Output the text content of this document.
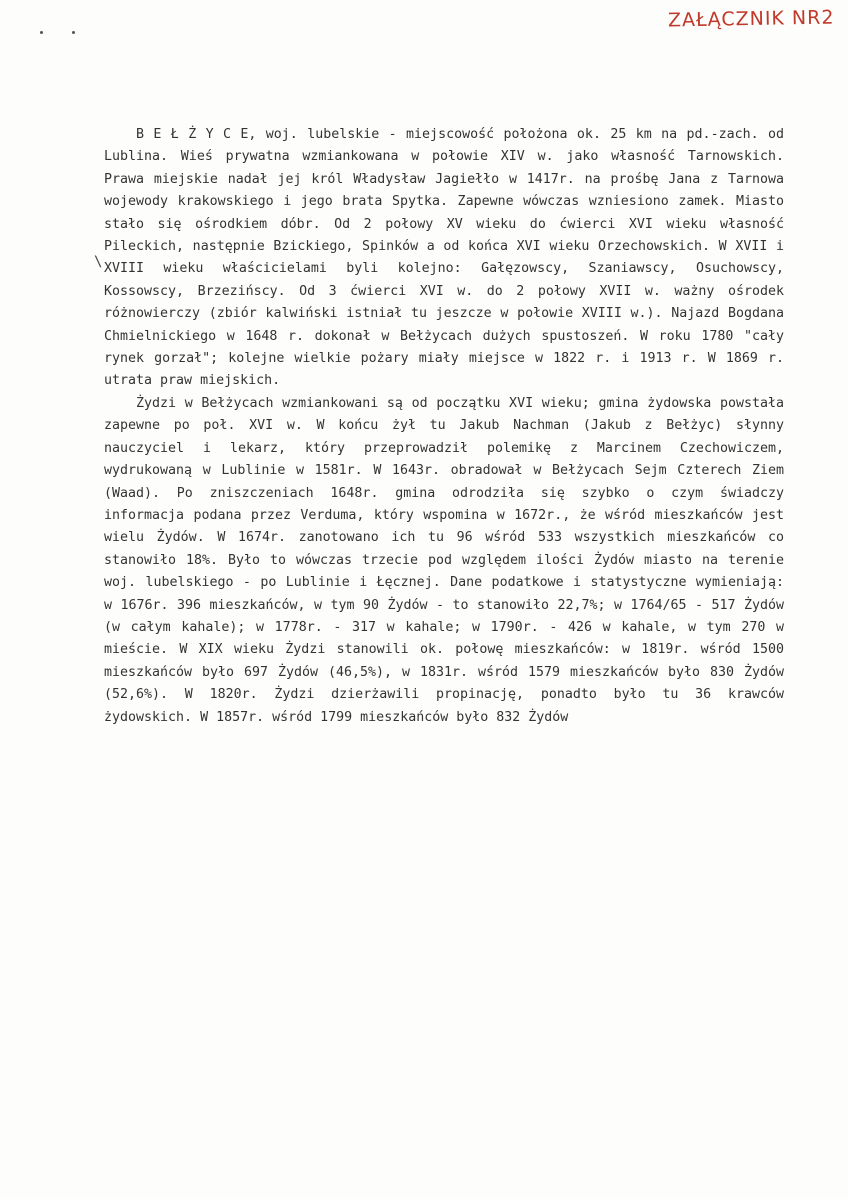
ZAŁĄCZNIK NR2
\

B E Ł Ż Y C E, woj. lubelskie - miejscowość położona ok. 25 km na pd.-zach. od Lublina. Wieś prywatna wzmiankowana w połowie XIV w. jako własność Tarnowskich. Prawa miejskie nadał jej król Władysław Jagiełło w 1417r. na prośbę Jana z Tarnowa wojewody krakowskiego i jego brata Spytka. Zapewne wówczas wzniesiono zamek. Miasto stało się ośrodkiem dóbr. Od 2 połowy XV wieku do ćwierci XVI wieku własność Pileckich, następnie Bzickiego, Spinków a od końca XVI wieku Orzechowskich. W XVII i XVIII wieku właścicielami byli kolejno: Gałęzowscy, Szaniawscy, Osuchowscy, Kossowscy, Brzezińscy. Od 3 ćwierci XVI w. do 2 połowy XVII w. ważny ośrodek różnowierczy (zbiór kalwiński istniał tu jeszcze w połowie XVIII w.). Najazd Bogdana Chmielnickiego w 1648 r. dokonał w Bełżycach dużych spustoszeń. W roku 1780 "cały rynek gorzał"; kolejne wielkie pożary miały miejsce w 1822 r. i 1913 r. W 1869 r. utrata praw miejskich.

Żydzi w Bełżycach wzmiankowani są od początku XVI wieku; gmina żydowska powstała zapewne po poł. XVI w. W końcu żył tu Jakub Nachman (Jakub z Bełżyc) słynny nauczyciel i lekarz, który przeprowadził polemikę z Marcinem Czechowiczem, wydrukowaną w Lublinie w 1581r. W 1643r. obradował w Bełżycach Sejm Czterech Ziem (Waad). Po zniszczeniach 1648r. gmina odrodziła się szybko o czym świadczy informacja podana przez Verduma, który wspomina w 1672r., że wśród mieszkańców jest wielu Żydów. W 1674r. zanotowano ich tu 96 wśród 533 wszystkich mieszkańców co stanowiło 18%. Było to wówczas trzecie pod względem ilości Żydów miasto na terenie woj. lubelskiego - po Lublinie i Łęcznej. Dane podatkowe i statystyczne wymieniają: w 1676r. 396 mieszkańców, w tym 90 Żydów - to stanowiło 22,7%; w 1764/65 - 517 Żydów (w całym kahale); w 1778r. - 317 w kahale; w 1790r. - 426 w kahale, w tym 270 w mieście. W XIX wieku Żydzi stanowili ok. połowę mieszkańców: w 1819r. wśród 1500 mieszkańców było 697 Żydów (46,5%), w 1831r. wśród 1579 mieszkańców było 830 Żydów (52,6%). W 1820r. Żydzi dzierżawili propinację, ponadto było tu 36 krawców żydowskich. W 1857r. wśród 1799 mieszkańców było 832 Żydów
